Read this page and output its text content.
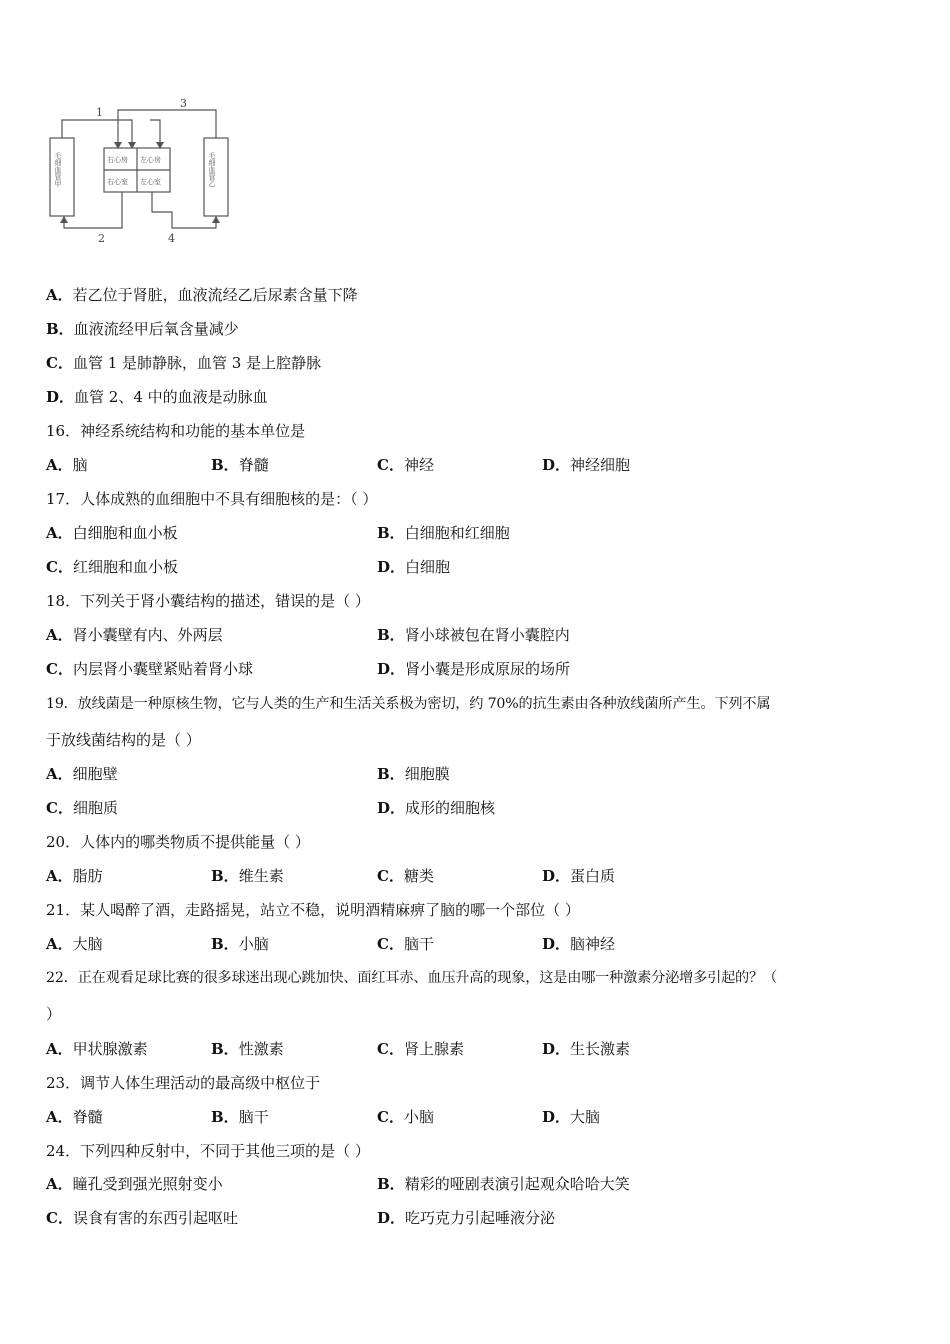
1
3
2	4
右心房 左心房
右心室 左心室
毛细血管甲	毛细血管乙
A．若乙位于肾脏，血液流经乙后尿素含量下降
B．血液流经甲后氧含量减少
C．血管 1 是肺静脉，血管 3 是上腔静脉
D．血管 2、4 中的血液是动脉血
16．神经系统结构和功能的基本单位是
A．脑	B．脊髓	C．神经	D．神经细胞
17．人体成熟的血细胞中不具有细胞核的是：（ ）
A．白细胞和血小板	B．白细胞和红细胞
C．红细胞和血小板	D．白细胞
18．下列关于肾小囊结构的描述，错误的是（ ）
A．肾小囊壁有内、外两层	B．肾小球被包在肾小囊腔内
C．内层肾小囊壁紧贴着肾小球	D．肾小囊是形成原尿的场所
19．放线菌是一种原核生物，它与人类的生产和生活关系极为密切，约 70%的抗生素由各种放线菌所产生。下列不属
于放线菌结构的是（ ）
A．细胞壁	B．细胞膜
C．细胞质	D．成形的细胞核
20．人体内的哪类物质不提供能量（ ）
A．脂肪	B．维生素	C．糖类	D．蛋白质
21．某人喝醉了酒，走路摇晃，站立不稳，说明酒精麻痹了脑的哪一个部位（ ）
A．大脑	B．小脑	C．脑干	D．脑神经
22．正在观看足球比赛的很多球迷出现心跳加快、面红耳赤、血压升高的现象，这是由哪一种激素分泌增多引起的？（
）
A．甲状腺激素	B．性激素	C．肾上腺素	D．生长激素
23．调节人体生理活动的最高级中枢位于
A．脊髓	B．脑干	C．小脑	D．大脑
24．下列四种反射中，不同于其他三项的是（ ）
A．瞳孔受到强光照射变小	B．精彩的哑剧表演引起观众哈哈大笑
C．误食有害的东西引起呕吐	D．吃巧克力引起唾液分泌
